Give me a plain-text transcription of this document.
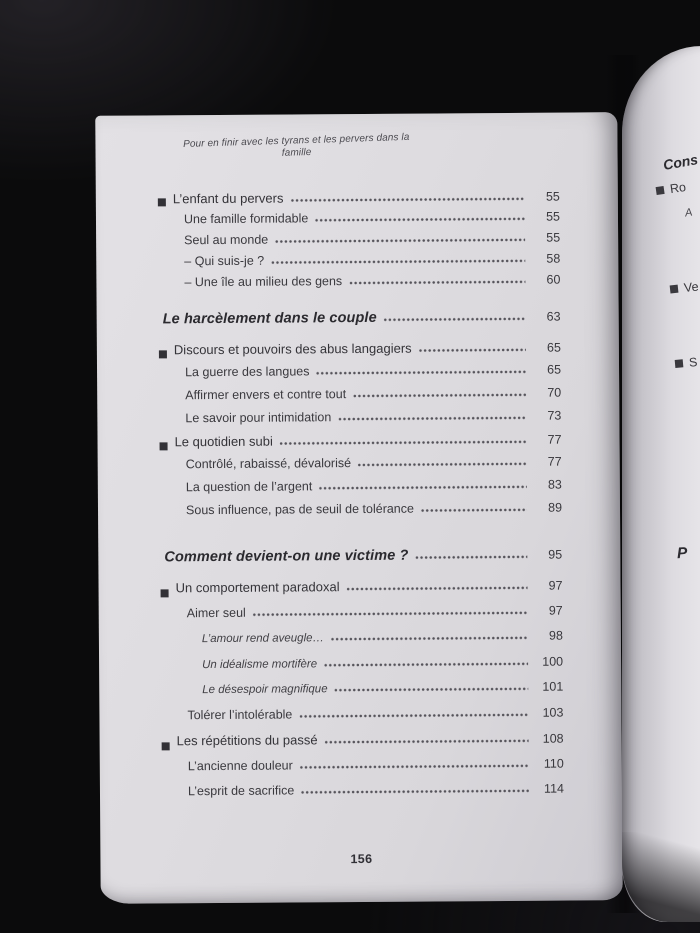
Pour en finir avec les tyrans et les pervers dans la famille
L’enfant du pervers	55
Une famille formidable	55
Seul au monde	55
– Qui suis-je ?	58
– Une île au milieu des gens	60
Le harcèlement dans le couple	63
Discours et pouvoirs des abus langagiers	65
La guerre des langues	65
Affirmer envers et contre tout	70
Le savoir pour intimidation	73
Le quotidien subi	77
Contrôlé, rabaissé, dévalorisé	77
La question de l’argent	83
Sous influence, pas de seuil de tolérance	89
Comment devient-on une victime ?	95
Un comportement paradoxal	97
Aimer seul	97
L’amour rend aveugle…	98
Un idéalisme mortifère	100
Le désespoir magnifique	101
Tolérer l’intolérable	103
Les répétitions du passé	108
L’ancienne douleur	110
L’esprit de sacrifice	114
156
Cons
Ro
A
Ve
S
P
